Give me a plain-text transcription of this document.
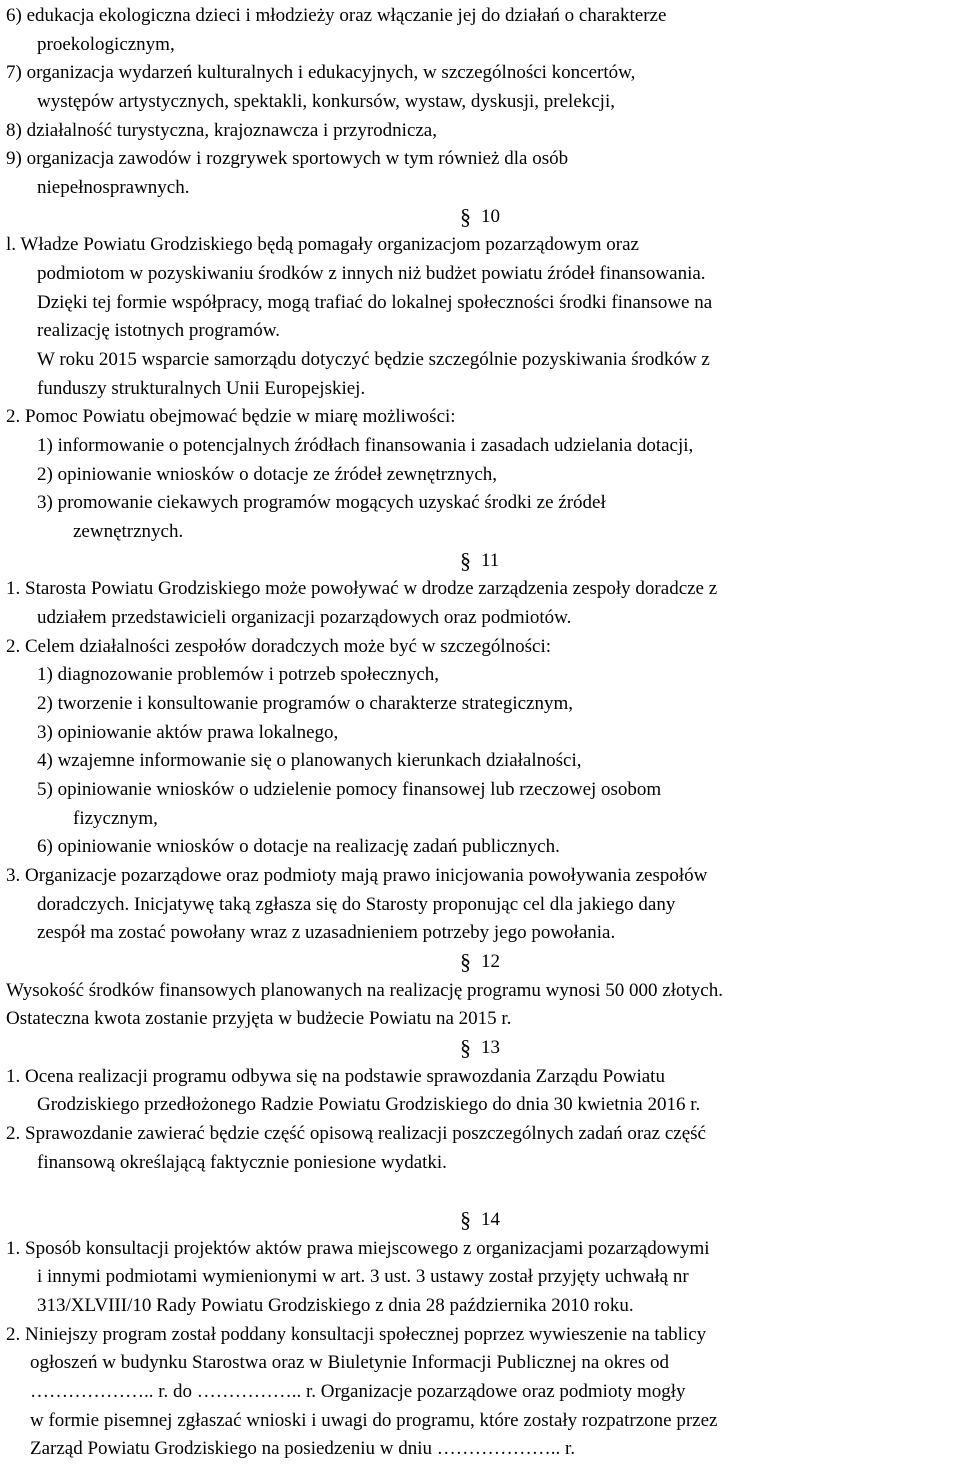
6) edukacja ekologiczna dzieci i młodzieży oraz włączanie jej do działań o charakterze
proekologicznym,
7) organizacja wydarzeń kulturalnych i edukacyjnych, w szczególności koncertów,
występów artystycznych, spektakli, konkursów, wystaw, dyskusji, prelekcji,
8) działalność turystyczna, krajoznawcza i przyrodnicza,
9) organizacja zawodów i rozgrywek sportowych w tym również dla osób
niepełnosprawnych.
l. Władze Powiatu Grodziskiego będą pomagały organizacjom pozarządowym oraz
podmiotom w pozyskiwaniu środków z innych niż budżet powiatu źródeł finansowania.
Dzięki tej formie współpracy, mogą trafiać do lokalnej społeczności środki finansowe na
realizację istotnych programów.
W roku 2015 wsparcie samorządu dotyczyć będzie szczególnie pozyskiwania środków z
funduszy strukturalnych Unii Europejskiej.
2. Pomoc Powiatu obejmować będzie w miarę możliwości:
1) informowanie o potencjalnych źródłach finansowania i zasadach udzielania dotacji,
2) opiniowanie wniosków o dotacje ze źródeł zewnętrznych,
3) promowanie ciekawych programów mogących uzyskać środki ze źródeł
zewnętrznych.
1. Starosta Powiatu Grodziskiego może powoływać w drodze zarządzenia zespoły doradcze z
udziałem przedstawicieli organizacji pozarządowych oraz podmiotów.
2. Celem działalności zespołów doradczych może być w szczególności:
1) diagnozowanie problemów i potrzeb społecznych,
2) tworzenie i konsultowanie programów o charakterze strategicznym,
3) opiniowanie aktów prawa lokalnego,
4) wzajemne informowanie się o planowanych kierunkach działalności,
5) opiniowanie wniosków o udzielenie pomocy finansowej lub rzeczowej osobom
fizycznym,
6) opiniowanie wniosków o dotacje na realizację zadań publicznych.
3. Organizacje pozarządowe oraz podmioty mają prawo inicjowania powoływania zespołów
doradczych. Inicjatywę taką zgłasza się do Starosty proponując cel dla jakiego dany
zespół ma zostać powołany wraz z uzasadnieniem potrzeby jego powołania.
Wysokość środków finansowych planowanych na realizację programu wynosi 50 000 złotych.
Ostateczna kwota zostanie przyjęta w budżecie Powiatu na 2015 r.
1. Ocena realizacji programu odbywa się na podstawie sprawozdania Zarządu Powiatu
Grodziskiego przedłożonego Radzie Powiatu Grodziskiego do dnia 30 kwietnia 2016 r.
2. Sprawozdanie zawierać będzie część opisową realizacji poszczególnych zadań oraz część
finansową określającą faktycznie poniesione wydatki.
1. Sposób konsultacji projektów aktów prawa miejscowego z organizacjami pozarządowymi
i innymi podmiotami wymienionymi w art. 3 ust. 3 ustawy został przyjęty uchwałą nr
313/XLVIII/10 Rady Powiatu Grodziskiego z dnia 28 października 2010 roku.
2. Niniejszy program został poddany konsultacji społecznej poprzez wywieszenie na tablicy
ogłoszeń w budynku Starostwa oraz w Biuletynie Informacji Publicznej na okres od
……………….. r. do …………….. r. Organizacje pozarządowe oraz podmioty mogły
w formie pisemnej zgłaszać wnioski i uwagi do programu, które zostały rozpatrzone przez
Zarząd Powiatu Grodziskiego na posiedzeniu w dniu ……………….. r.
§ 10
§ 11
§ 12
§ 13
§ 14
